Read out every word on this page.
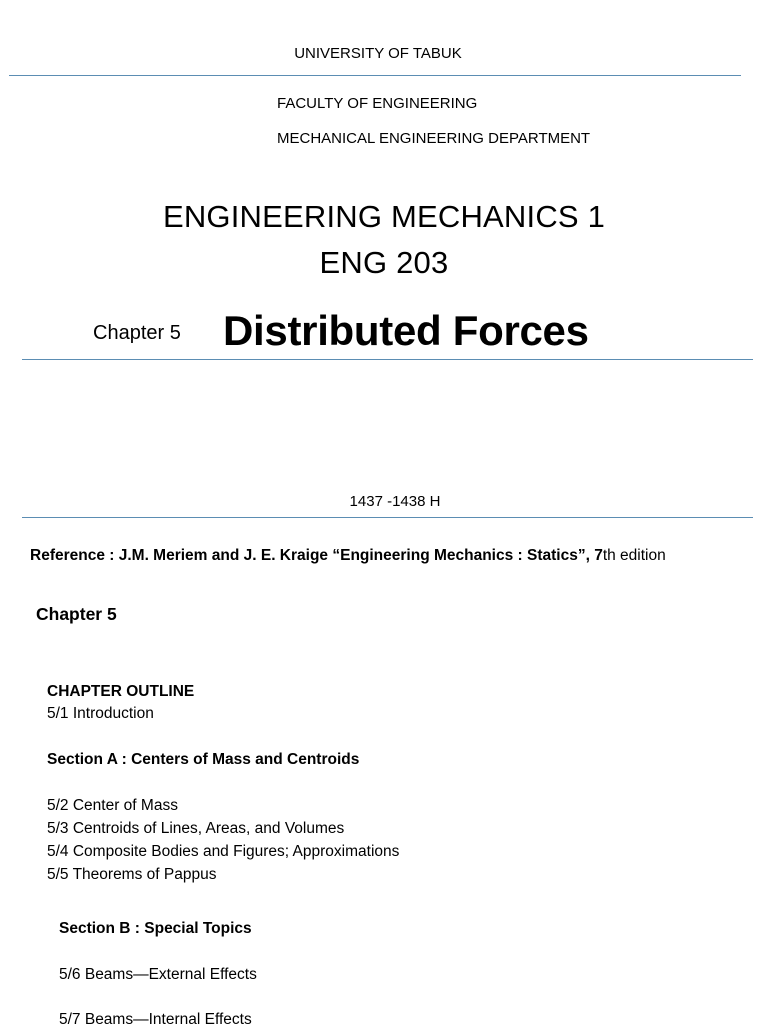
UNIVERSITY OF TABUK
FACULTY OF ENGINEERING
MECHANICAL ENGINEERING DEPARTMENT
ENGINEERING MECHANICS 1
ENG 203
Chapter 5 Distributed Forces
1437 -1438 H
Reference : J.M. Meriem and J. E. Kraige “Engineering Mechanics : Statics”, 7th edition
Chapter 5
CHAPTER OUTLINE
5/1 Introduction
Section A : Centers of Mass and Centroids
5/2 Center of Mass
5/3 Centroids of Lines, Areas, and Volumes
5/4 Composite Bodies and Figures; Approximations
5/5 Theorems of Pappus
Section B : Special Topics
5/6 Beams—External Effects
5/7 Beams—Internal Effects
